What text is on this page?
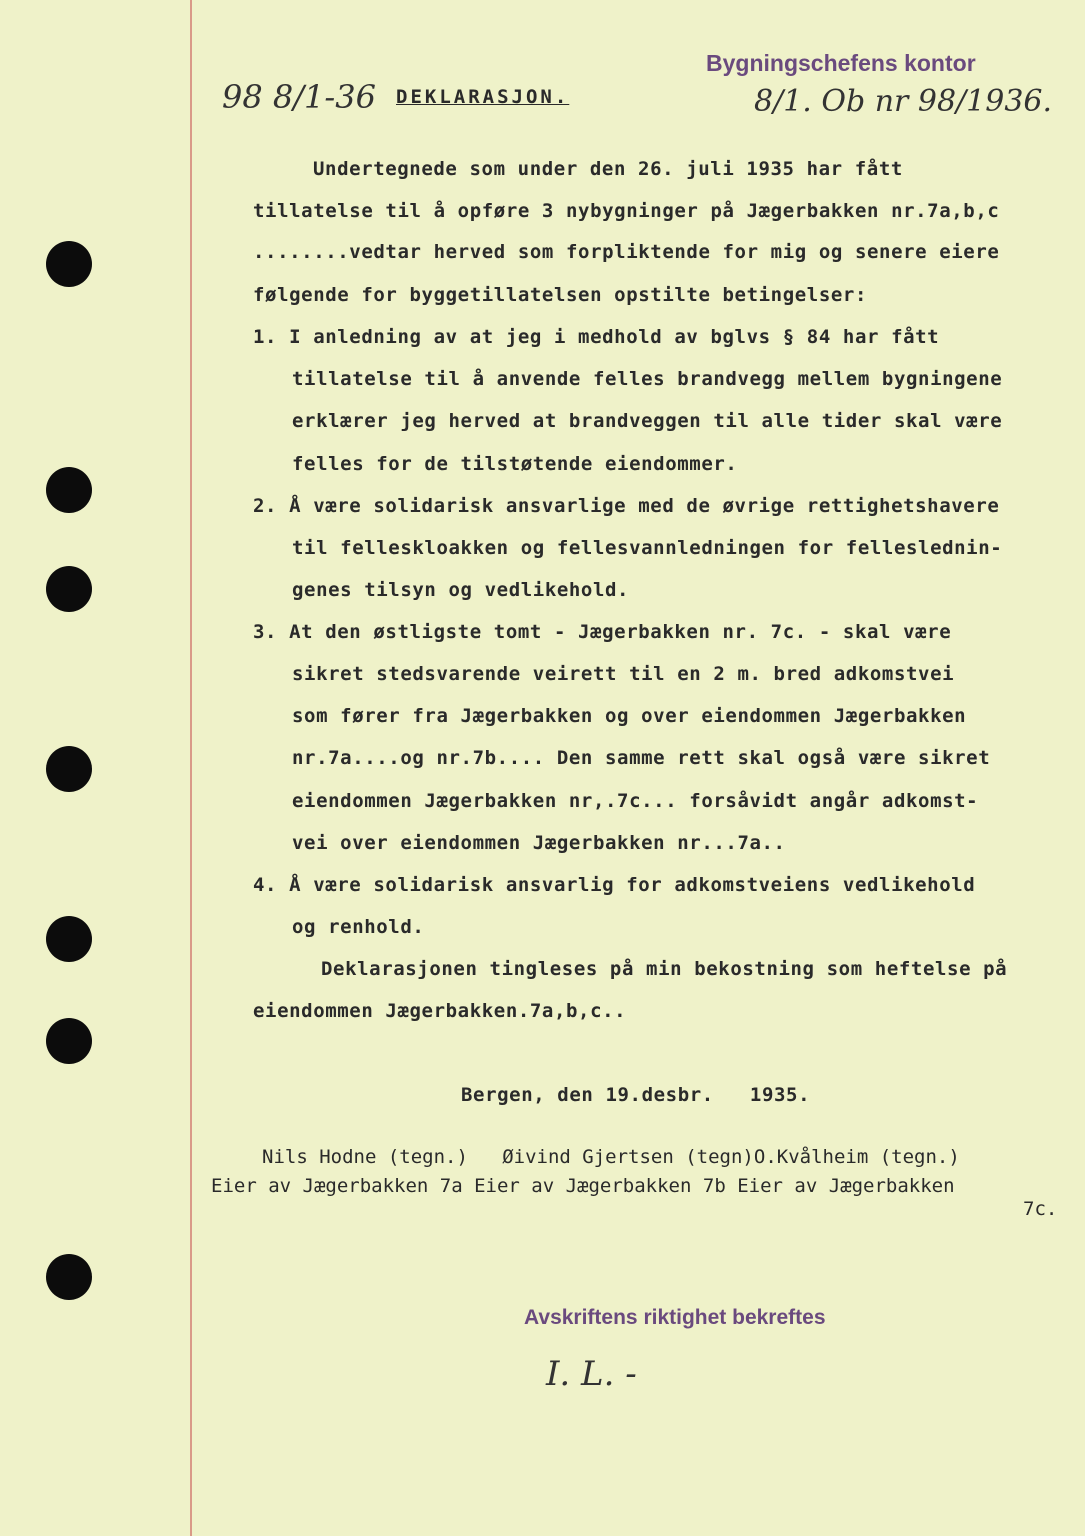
98 8/1-36
Bygningschefens kontor
8/1. Ob nr 98/1936.
DEKLARASJON.
Undertegnede som under den 26. juli 1935 har fått
tillatelse til å opføre 3 nybygninger på Jægerbakken nr.7a,b,c
........vedtar herved som forpliktende for mig og senere eiere
følgende for byggetillatelsen opstilte betingelser:
1. I anledning av at jeg i medhold av bglvs § 84 har fått
tillatelse til å anvende felles brandvegg mellem bygningene
erklærer jeg herved at brandveggen til alle tider skal være
felles for de tilstøtende eiendommer.
2. Å være solidarisk ansvarlige med de øvrige rettighetshavere
til felleskloakken og fellesvannledningen for felleslednin-
genes tilsyn og vedlikehold.
3. At den østligste tomt - Jægerbakken nr. 7c. - skal være
sikret stedsvarende veirett til en 2 m. bred adkomstvei
som fører fra Jægerbakken og over eiendommen Jægerbakken
nr.7a....og nr.7b.... Den samme rett skal også være sikret
eiendommen Jægerbakken nr,.7c... forsåvidt angår adkomst-
vei over eiendommen Jægerbakken nr...7a..
4. Å være solidarisk ansvarlig for adkomstveiens vedlikehold
og renhold.
Deklarasjonen tingleses på min bekostning som heftelse på
eiendommen Jægerbakken.7a,b,c..
Bergen, den 19.desbr.   1935.
Nils Hodne (tegn.)   Øivind Gjertsen (tegn)O.Kvålheim (tegn.)
Eier av Jægerbakken 7a Eier av Jægerbakken 7b Eier av Jægerbakken
7c.
Avskriftens riktighet bekreftes
I. L. -
